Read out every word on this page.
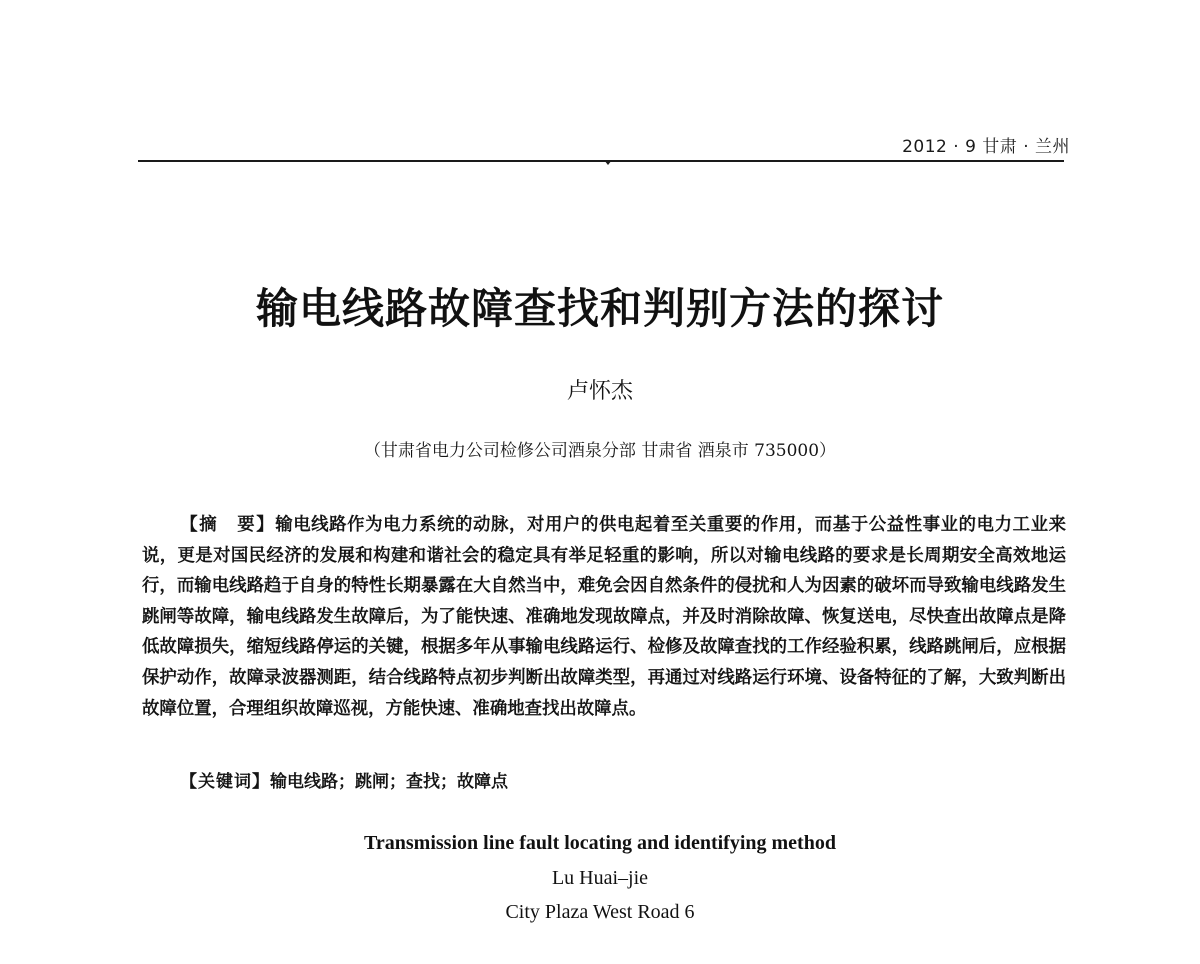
2012 · 9 甘肃 · 兰州
输电线路故障查找和判别方法的探讨
卢怀杰
（甘肃省电力公司检修公司酒泉分部 甘肃省 酒泉市 735000）
【摘　要】输电线路作为电力系统的动脉，对用户的供电起着至关重要的作用，而基于公益性事业的电力工业来说，更是对国民经济的发展和构建和谐社会的稳定具有举足轻重的影响，所以对输电线路的要求是长周期安全高效地运行，而输电线路趋于自身的特性长期暴露在大自然当中，难免会因自然条件的侵扰和人为因素的破坏而导致输电线路发生跳闸等故障，输电线路发生故障后，为了能快速、准确地发现故障点，并及时消除故障、恢复送电，尽快查出故障点是降低故障损失，缩短线路停运的关键，根据多年从事输电线路运行、检修及故障查找的工作经验积累，线路跳闸后，应根据保护动作，故障录波器测距，结合线路特点初步判断出故障类型，再通过对线路运行环境、设备特征的了解，大致判断出故障位置，合理组织故障巡视，方能快速、准确地查找出故障点。
【关键词】输电线路；跳闸；查找；故障点
Transmission line fault locating and identifying method
Lu Huai–jie
City Plaza West Road 6
